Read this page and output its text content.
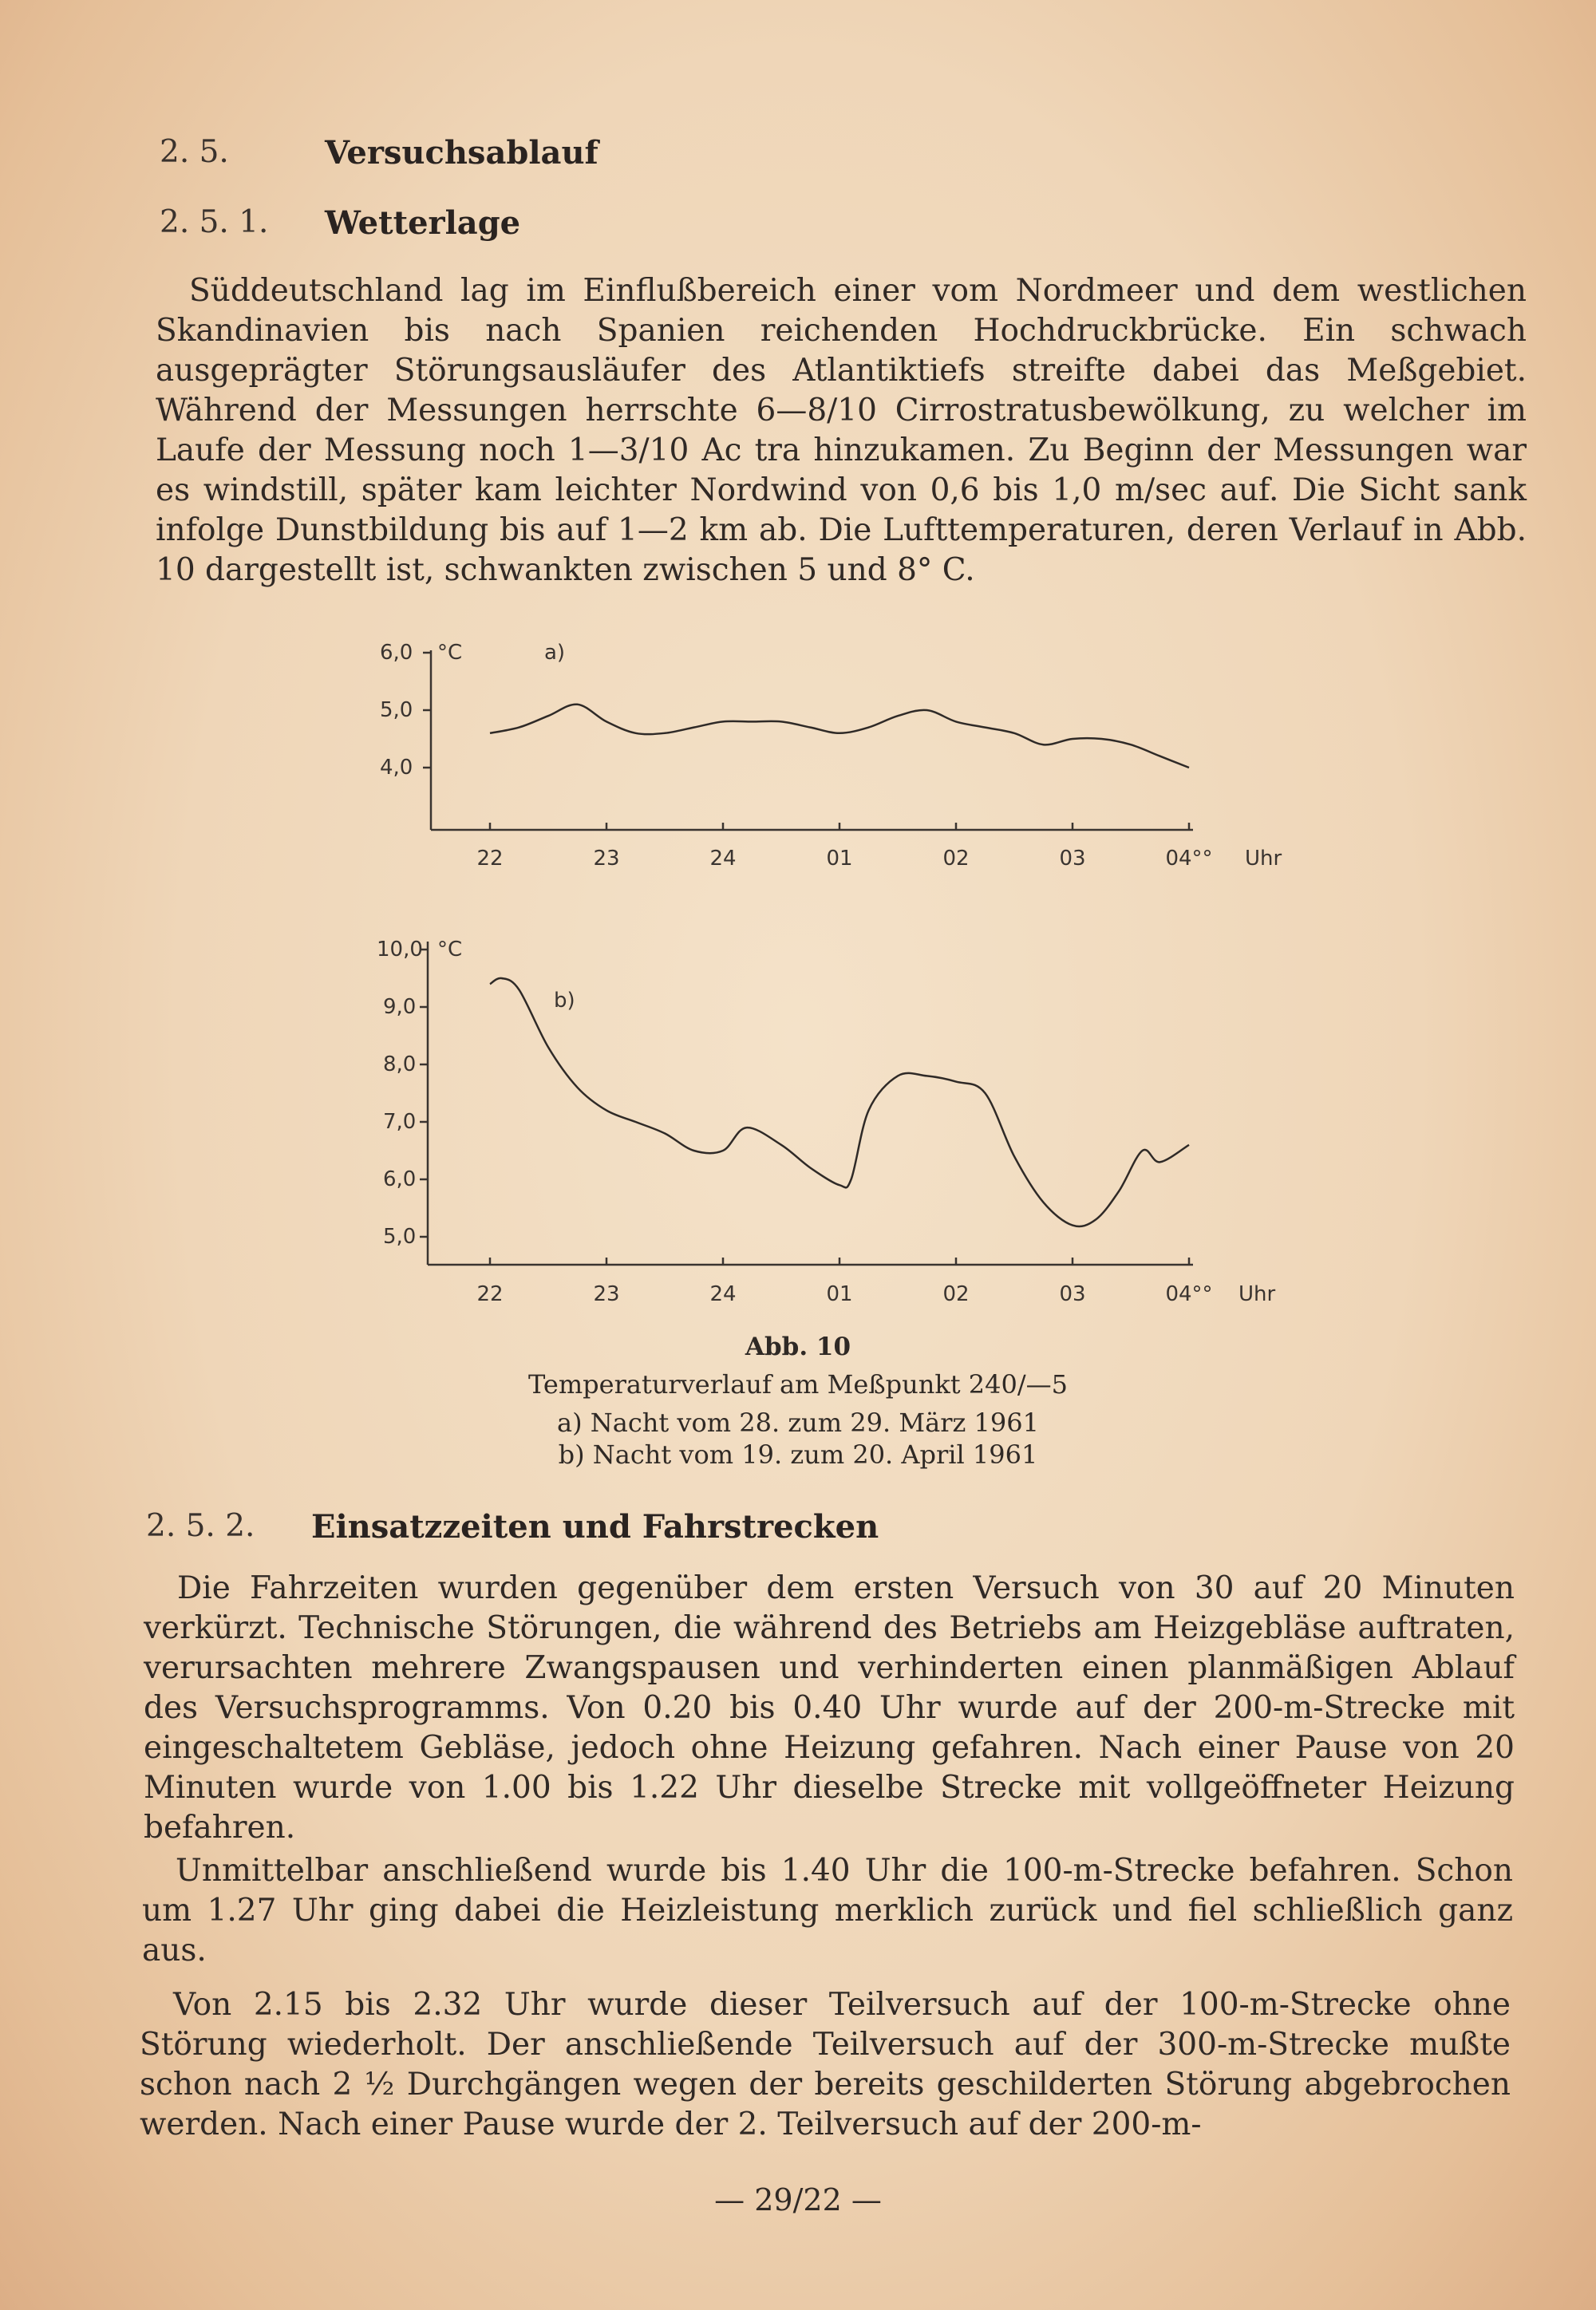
2. 5.	Versuchsablauf
2. 5. 1. Wetterlage
Süddeutschland lag im Einflußbereich einer vom Nordmeer und dem westlichen Skandinavien bis nach Spanien reichenden Hochdruckbrücke. Ein schwach ausgeprägter Störungsausläufer des Atlantiktiefs streifte dabei das Meßgebiet. Während der Messungen herrschte 6—8/10 Cirrostratusbewölkung, zu welcher im Laufe der Messung noch 1—3/10 Ac tra hinzukamen. Zu Beginn der Messungen war es windstill, später kam leichter Nordwind von 0,6 bis 1,0 m/sec auf. Die Sicht sank infolge Dunstbildung bis auf 1—2 km ab. Die Lufttemperaturen, deren Verlauf in Abb. 10 dargestellt ist, schwankten zwischen 5 und 8° C.
6,0
5,0
4,0
°C	a)
22	23	24	01	02	03	04°° Uhr
10,0
9,0
8,0
7,0
6,0
5,0
°C
b)
22	23	24	01	02	03	04°° Uhr
Abb. 10
Temperaturverlauf am Meßpunkt 240/—5
a) Nacht vom 28. zum 29. März 1961
b) Nacht vom 19. zum 20. April 1961
2. 5. 2. Einsatzzeiten und Fahrstrecken
Die Fahrzeiten wurden gegenüber dem ersten Versuch von 30 auf 20 Minuten verkürzt. Technische Störungen, die während des Betriebs am Heizgebläse auftraten, verursachten mehrere Zwangspausen und verhinderten einen planmäßigen Ablauf des Versuchsprogramms. Von 0.20 bis 0.40 Uhr wurde auf der 200-m-Strecke mit eingeschaltetem Gebläse, jedoch ohne Heizung gefahren. Nach einer Pause von 20 Minuten wurde von 1.00 bis 1.22 Uhr dieselbe Strecke mit vollgeöffneter Heizung befahren.
Unmittelbar anschließend wurde bis 1.40 Uhr die 100-m-Strecke befahren. Schon um 1.27 Uhr ging dabei die Heizleistung merklich zurück und fiel schließlich ganz aus.
Von 2.15 bis 2.32 Uhr wurde dieser Teilversuch auf der 100-m-Strecke ohne Störung wiederholt. Der anschließende Teilversuch auf der 300-m-Strecke mußte schon nach 2 ½ Durchgängen wegen der bereits geschilderten Störung abgebrochen werden. Nach einer Pause wurde der 2. Teilversuch auf der 200-m-
— 29/22 —
